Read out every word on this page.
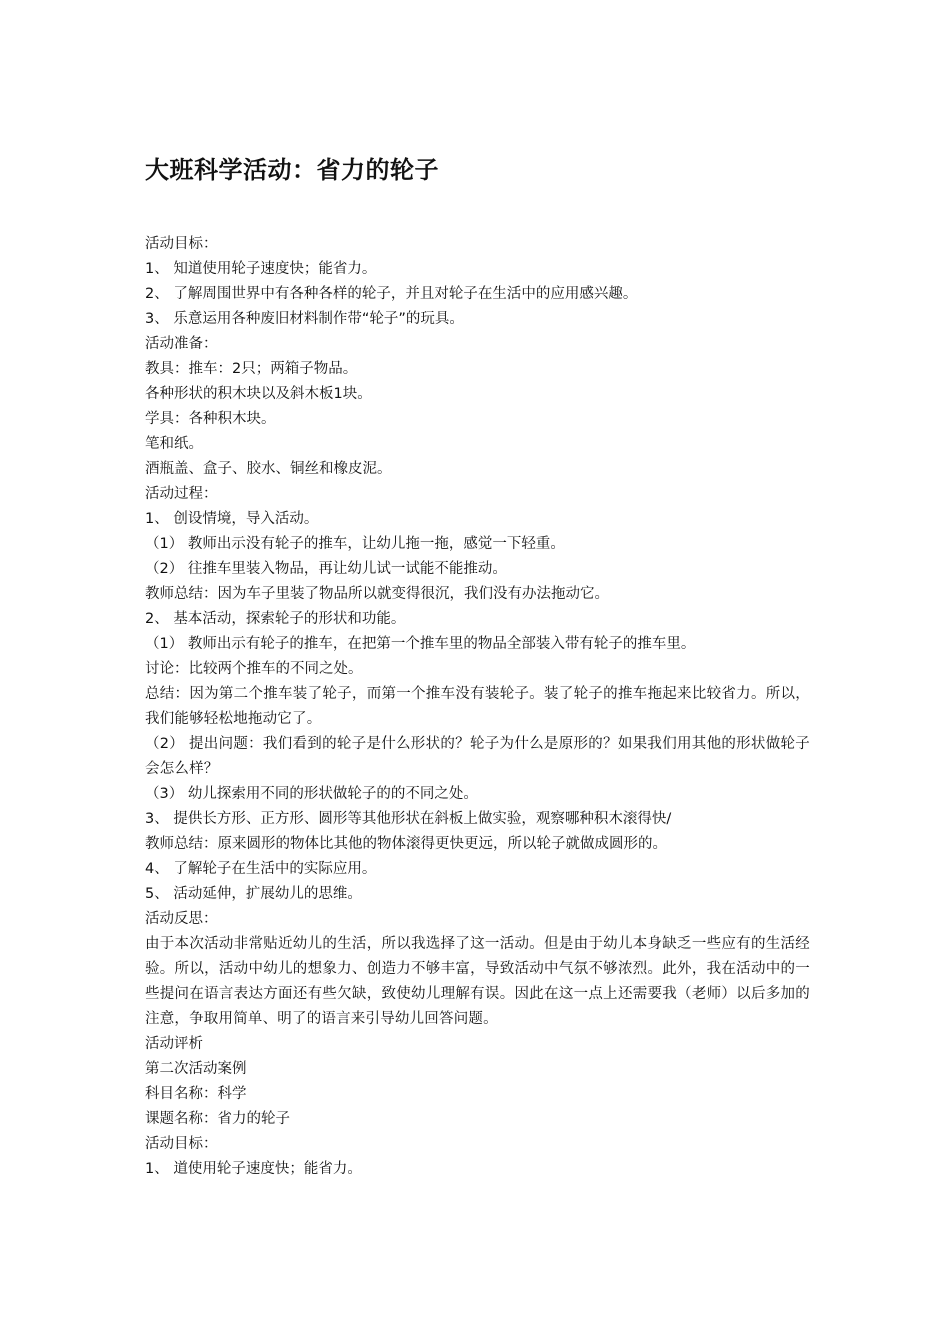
大班科学活动：省力的轮子
活动目标：
1、 知道使用轮子速度快；能省力。
2、 了解周围世界中有各种各样的轮子，并且对轮子在生活中的应用感兴趣。
3、 乐意运用各种废旧材料制作带“轮子”的玩具。
活动准备：
教具：推车：2只；两箱子物品。
各种形状的积木块以及斜木板1块。
学具：各种积木块。
笔和纸。
酒瓶盖、盒子、胶水、铜丝和橡皮泥。
活动过程：
1、 创设情境，导入活动。
（1） 教师出示没有轮子的推车，让幼儿拖一拖，感觉一下轻重。
（2） 往推车里装入物品，再让幼儿试一试能不能推动。
教师总结：因为车子里装了物品所以就变得很沉，我们没有办法拖动它。
2、 基本活动，探索轮子的形状和功能。
（1） 教师出示有轮子的推车，在把第一个推车里的物品全部装入带有轮子的推车里。
讨论：比较两个推车的不同之处。
总结：因为第二个推车装了轮子，而第一个推车没有装轮子。装了轮子的推车拖起来比较省力。所以，我们能够轻松地拖动它了。
（2） 提出问题：我们看到的轮子是什么形状的？轮子为什么是原形的？如果我们用其他的形状做轮子会怎么样？
（3） 幼儿探索用不同的形状做轮子的的不同之处。
3、 提供长方形、正方形、圆形等其他形状在斜板上做实验，观察哪种积木滚得快/
教师总结：原来圆形的物体比其他的物体滚得更快更远，所以轮子就做成圆形的。
4、 了解轮子在生活中的实际应用。
5、 活动延伸，扩展幼儿的思维。
活动反思：
由于本次活动非常贴近幼儿的生活，所以我选择了这一活动。但是由于幼儿本身缺乏一些应有的生活经验。所以，活动中幼儿的想象力、创造力不够丰富，导致活动中气氛不够浓烈。此外，我在活动中的一些提问在语言表达方面还有些欠缺，致使幼儿理解有误。因此在这一点上还需要我（老师）以后多加的注意，争取用简单、明了的语言来引导幼儿回答问题。
活动评析
第二次活动案例
科目名称：科学
课题名称：省力的轮子
活动目标：
1、 道使用轮子速度快；能省力。
